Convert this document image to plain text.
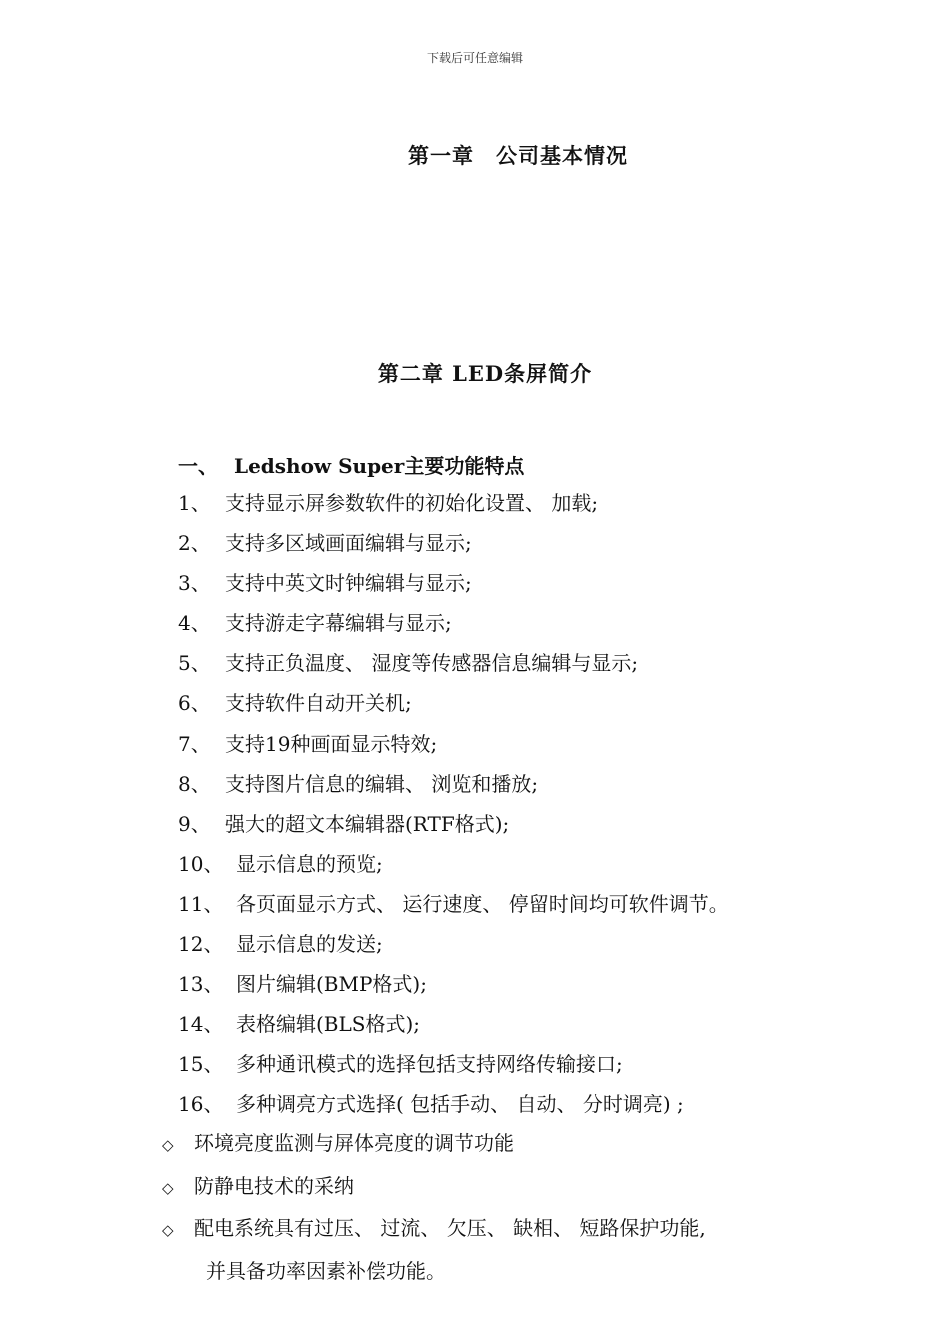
下载后可任意编辑
第一章　公司基本情况
第二章 LED条屏简介
一、 Ledshow Super主要功能特点
1、 支持显示屏参数软件的初始化设置、 加载;
2、 支持多区域画面编辑与显示;
3、 支持中英文时钟编辑与显示;
4、 支持游走字幕编辑与显示;
5、 支持正负温度、 湿度等传感器信息编辑与显示;
6、 支持软件自动开关机;
7、 支持19种画面显示特效;
8、 支持图片信息的编辑、 浏览和播放;
9、 强大的超文本编辑器(RTF格式);
10、 显示信息的预览;
11、 各页面显示方式、 运行速度、 停留时间均可软件调节。
12、 显示信息的发送;
13、 图片编辑(BMP格式);
14、 表格编辑(BLS格式);
15、 多种通讯模式的选择包括支持网络传输接口;
16、 多种调亮方式选择( 包括手动、 自动、 分时调亮) ;
◇ 环境亮度监测与屏体亮度的调节功能
◇ 防静电技术的采纳
◇ 配电系统具有过压、 过流、 欠压、 缺相、 短路保护功能,
并具备功率因素补偿功能。
